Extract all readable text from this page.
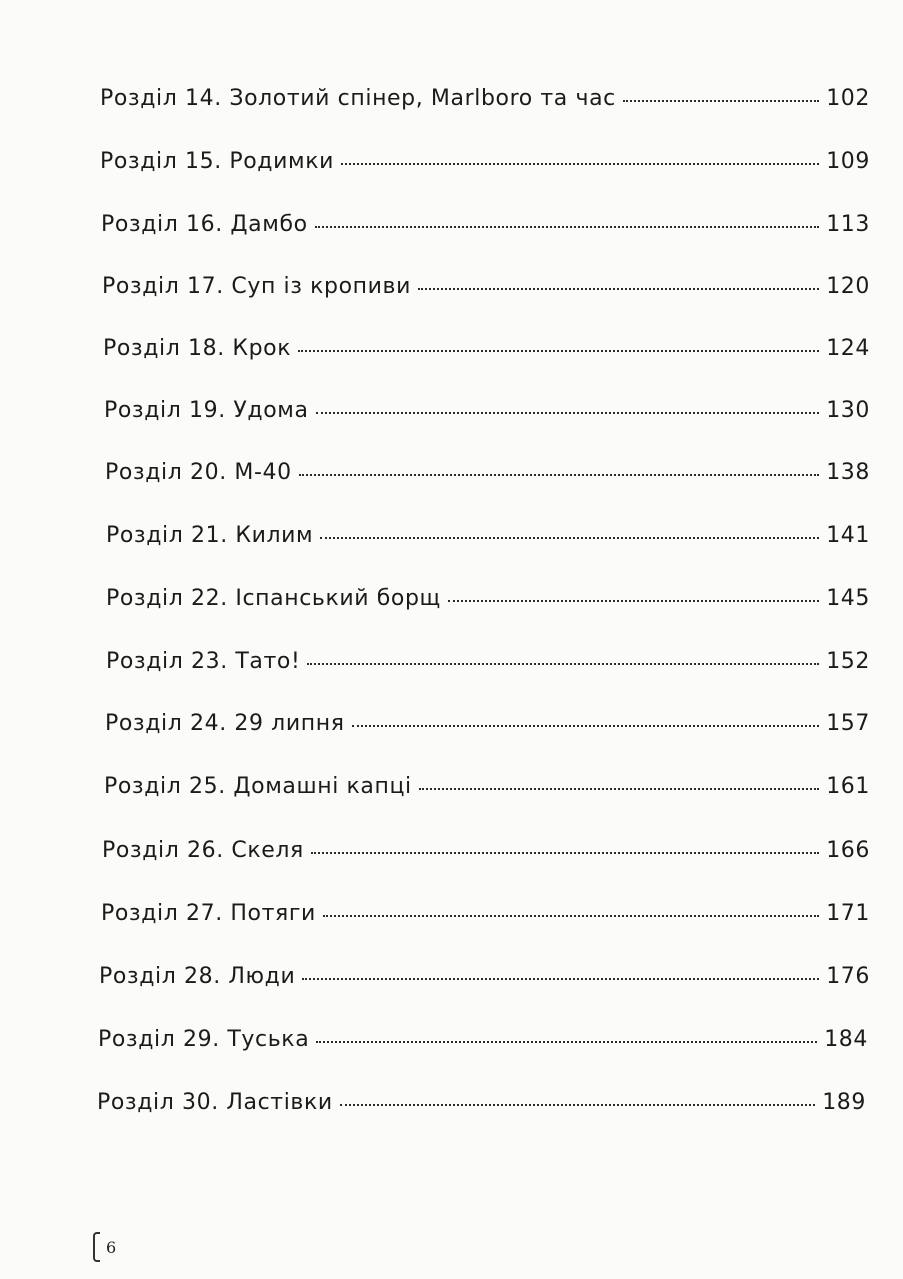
Розділ 14. Золотий спінер, Marlboro та час	102
Розділ 15. Родимки	109
Розділ 16. Дамбо	113
Розділ 17. Суп із кропиви	120
Розділ 18. Крок	124
Розділ 19. Удома	130
Розділ 20. М-40	138
Розділ 21. Килим	141
Розділ 22. Іспанський борщ	145
Розділ 23. Тато!	152
Розділ 24. 29 липня	157
Розділ 25. Домашні капці	161
Розділ 26. Скеля	166
Розділ 27. Потяги	171
Розділ 28. Люди	176
Розділ 29. Туська	184
Розділ 30. Ластівки	189
6
